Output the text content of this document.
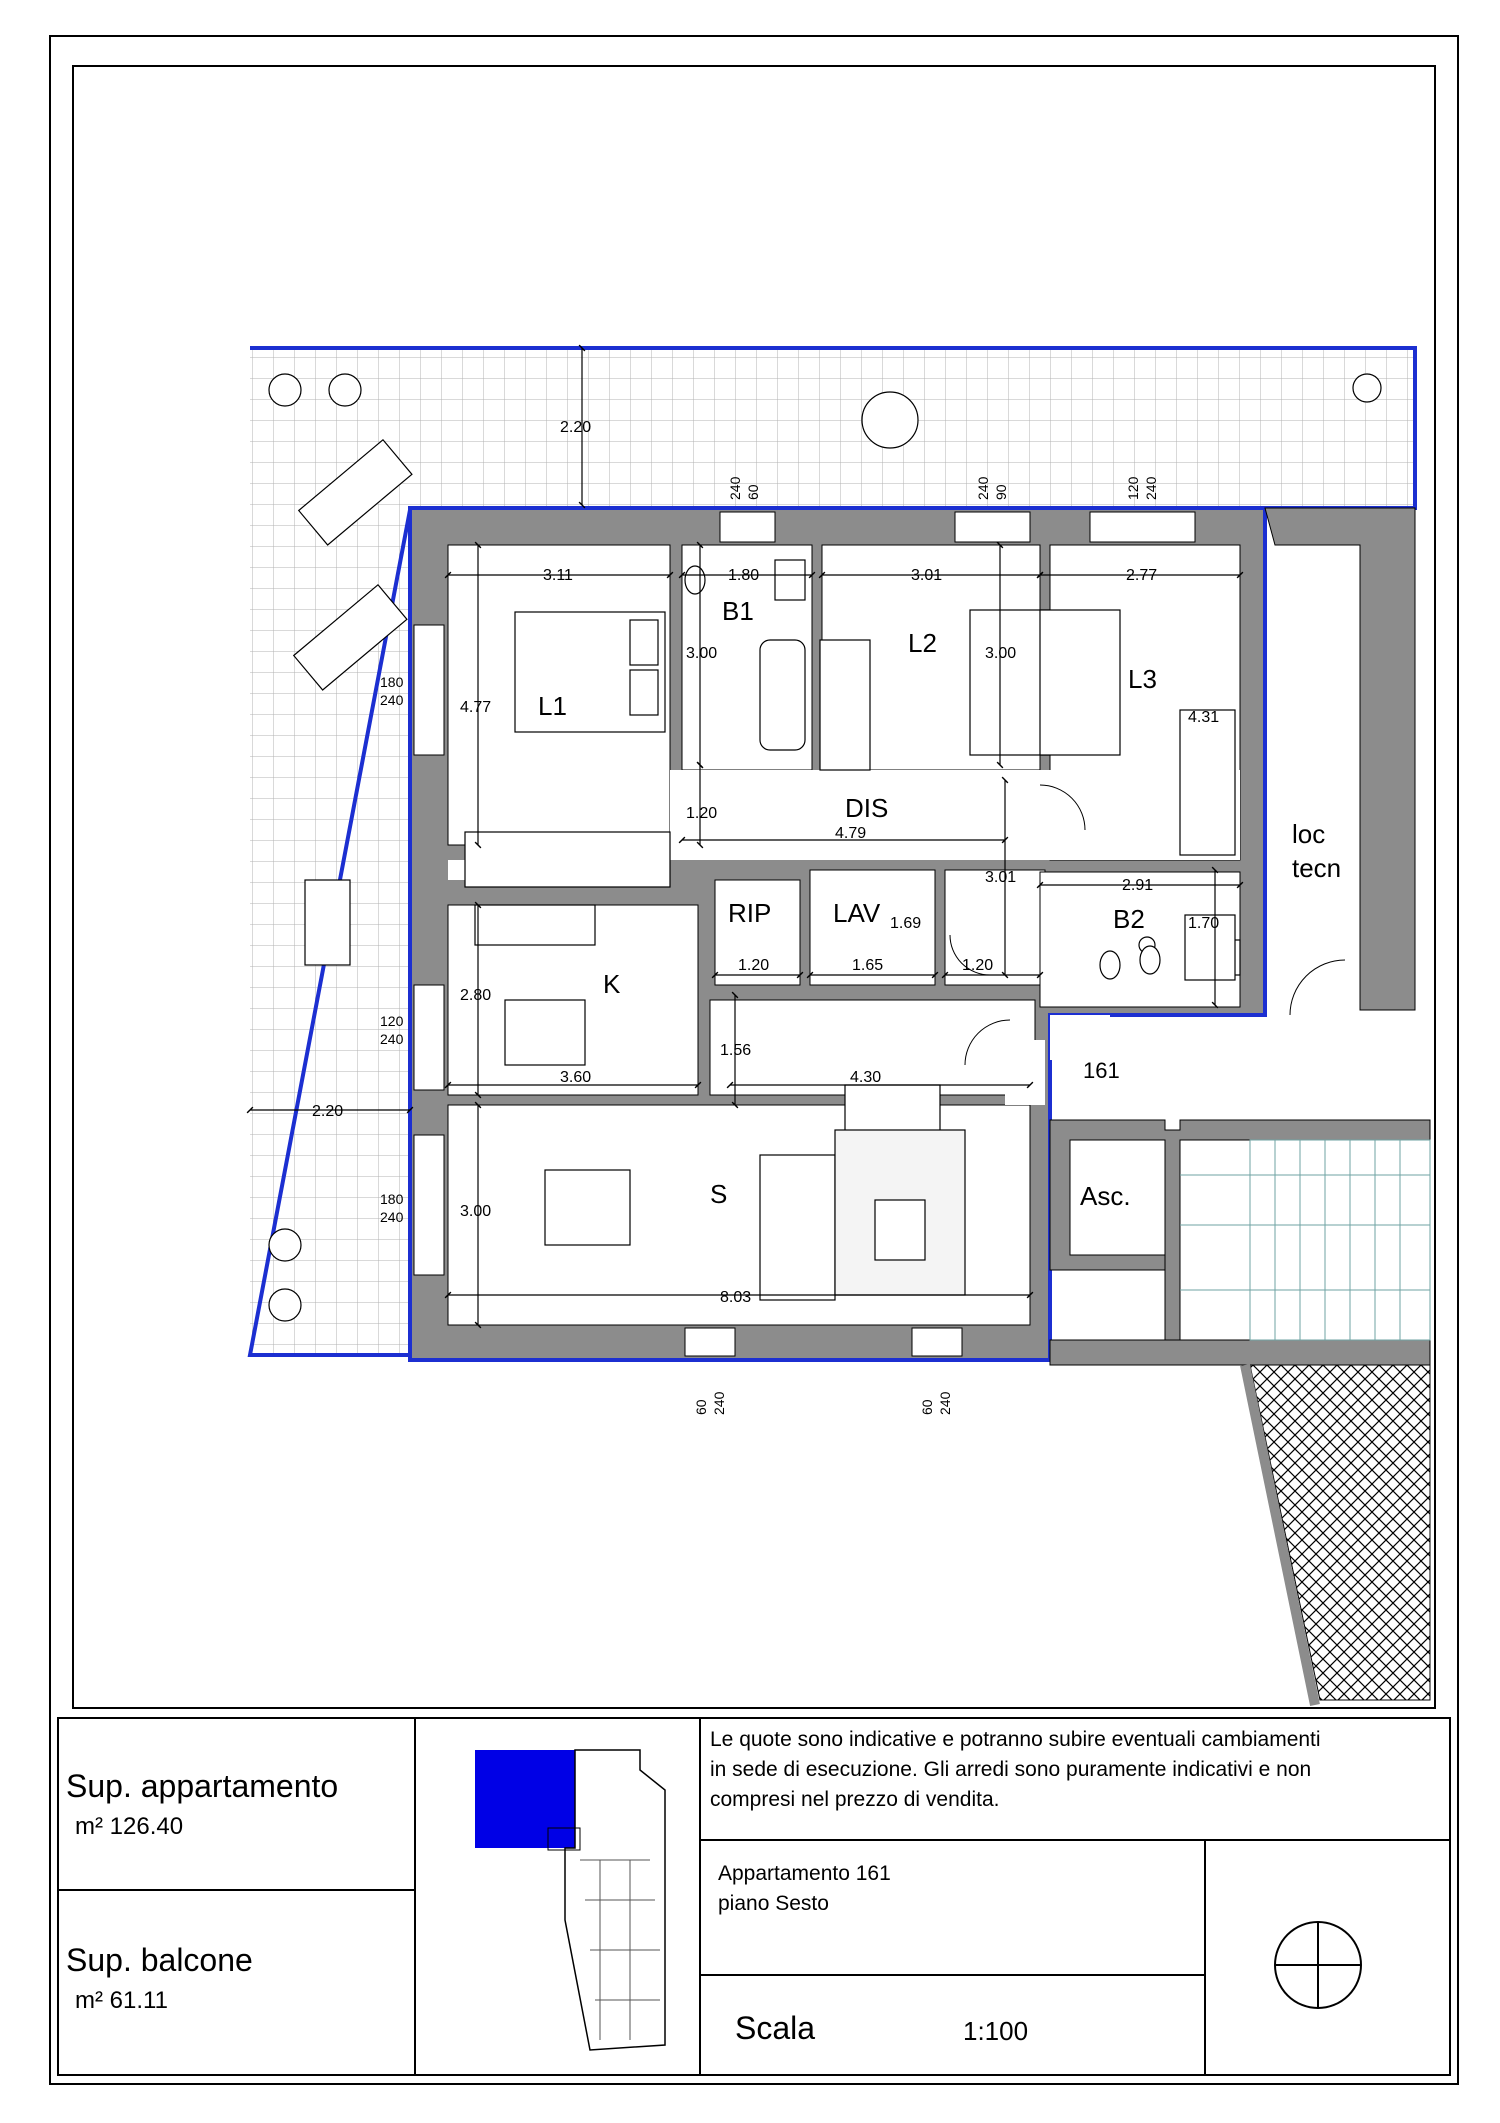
L1
B1
L2
L3
DIS
RIP LAV	B2
K
S
loc
tecn
161
Asc.
2.20
2.20
3.11	1.80	3.01	2.77
4.77
3.00	3.00
4.31
1.20
4.79
3.01	2.91
1.70
1.69
1.20	1.65	1.20
2.80
3.60
1.56
4.30
3.00
8.03
240 60	240 90	120 240
180
240
120
240
180
240
60 240	60 240
Sup. appartamento
m² 126.40
Sup. balcone
m² 61.11
Le quote sono indicative e potranno subire eventuali cambiamenti
in sede di esecuzione. Gli arredi sono puramente indicativi e non
compresi nel prezzo di vendita.
Appartamento 161
piano Sesto
Scala	1:100
